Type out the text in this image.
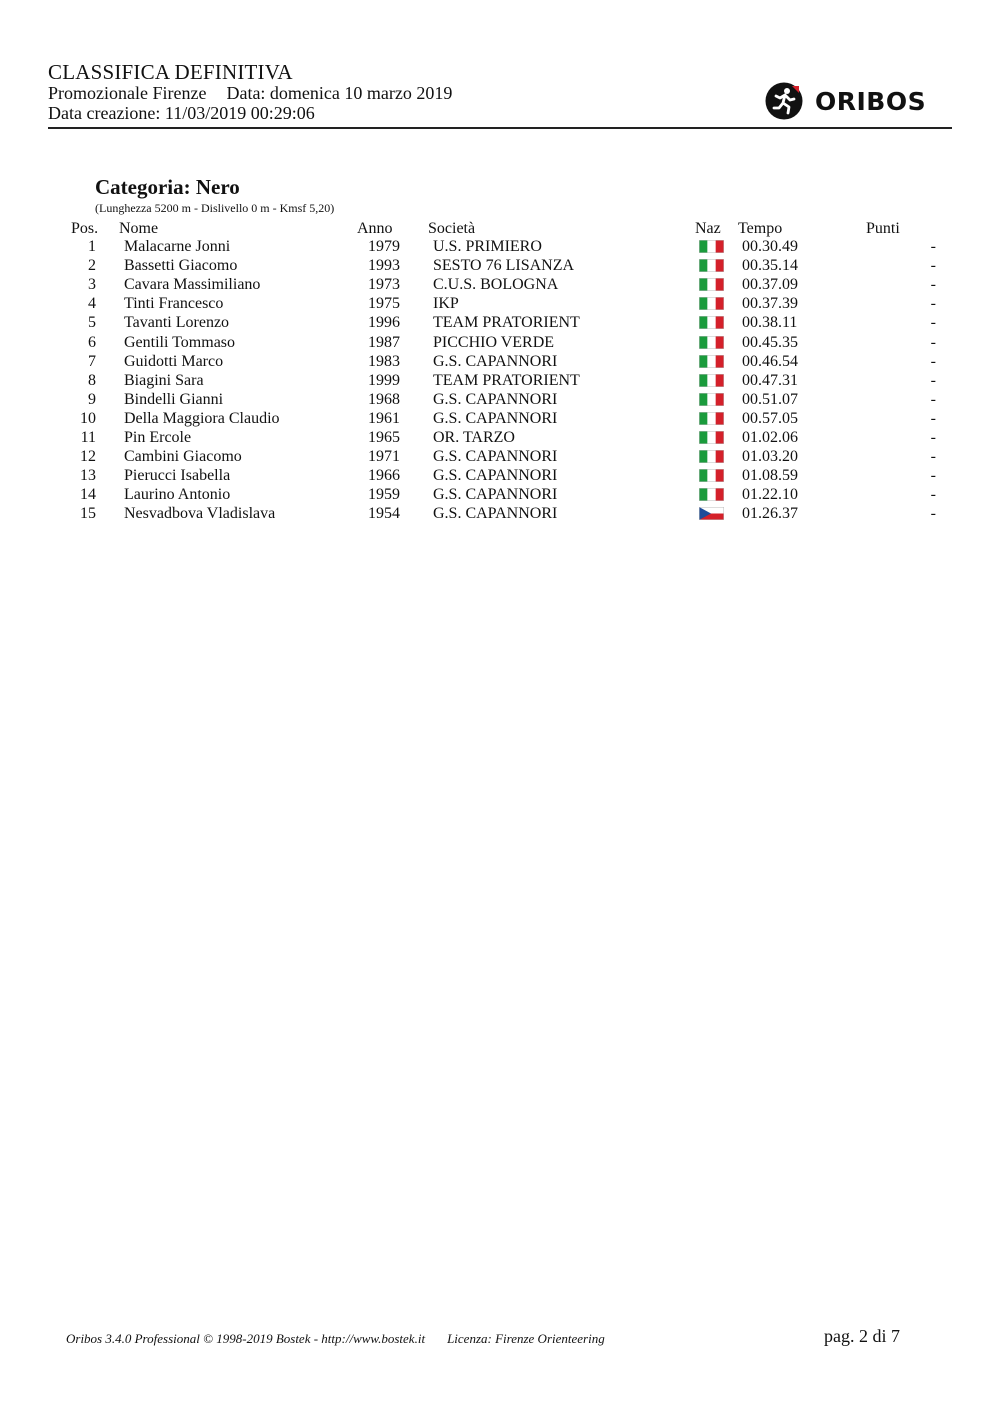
CLASSIFICA DEFINITIVA
Promozionale Firenze Data: domenica 10 marzo 2019
Data creazione: 11/03/2019 00:29:06	ORIBOS
Categoria: Nero
(Lunghezza 5200 m - Dislivello 0 m - Kmsf 5,20)
Pos. Nome	Anno Società	Naz Tempo	Punti
1 Malacarne Jonni	1979 U.S. PRIMIERO	00.30.49	-
2 Bassetti Giacomo	1993 SESTO 76 LISANZA	00.35.14	-
3 Cavara Massimiliano	1973 C.U.S. BOLOGNA	00.37.09	-
4 Tinti Francesco	1975 IKP	00.37.39	-
5 Tavanti Lorenzo	1996 TEAM PRATORIENT	00.38.11	-
6 Gentili Tommaso	1987 PICCHIO VERDE	00.45.35	-
7 Guidotti Marco	1983 G.S. CAPANNORI	00.46.54	-
8 Biagini Sara	1999 TEAM PRATORIENT	00.47.31	-
9 Bindelli Gianni	1968 G.S. CAPANNORI	00.51.07	-
10 Della Maggiora Claudio	1961 G.S. CAPANNORI	00.57.05	-
11 Pin Ercole	1965 OR. TARZO	01.02.06	-
12 Cambini Giacomo	1971 G.S. CAPANNORI	01.03.20	-
13 Pierucci Isabella	1966 G.S. CAPANNORI	01.08.59	-
14 Laurino Antonio	1959 G.S. CAPANNORI	01.22.10	-
15 Nesvadbova Vladislava	1954 G.S. CAPANNORI	01.26.37	-
Oribos 3.4.0 Professional © 1998-2019 Bostek - http://www.bostek.it Licenza: Firenze Orienteering	pag. 2 di 7
